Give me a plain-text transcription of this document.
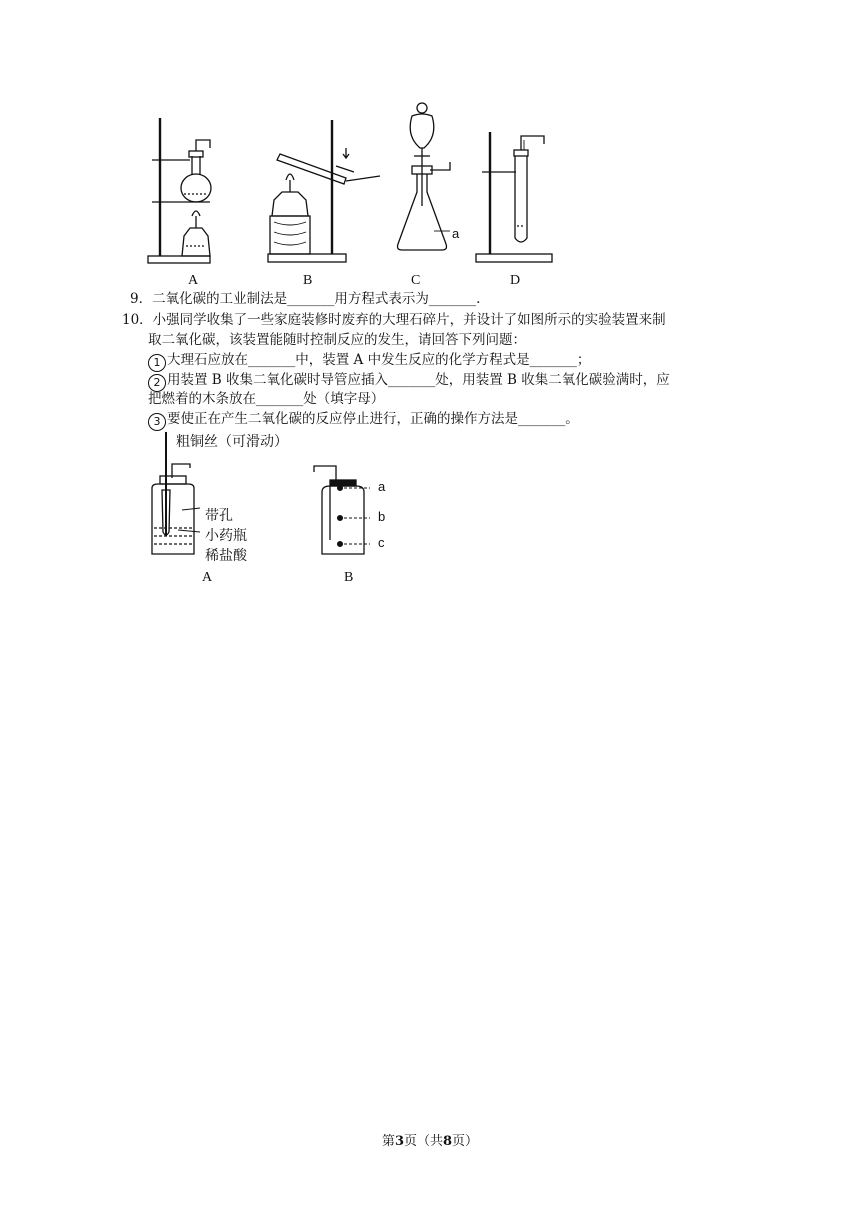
a
A	B	C	D
9．二氧化碳的工业制法是_______用方程式表示为_______.
10．小强同学收集了一些家庭装修时废弃的大理石碎片，并设计了如图所示的实验装置来制
取二氧化碳，该装置能随时控制反应的发生，请回答下列问题：
1 大理石应放在_______中，装置 A 中发生反应的化学方程式是_______；
2 用装置 B 收集二氧化碳时导管应插入_______处，用装置 B 收集二氧化碳验满时，应
把燃着的木条放在_______处（填字母）
3 要使正在产生二氧化碳的反应停止进行，正确的操作方法是_______。
粗铜丝（可滑动）
带孔
小药瓶
稀盐酸
A
a
b
c
B
第3页（共8页）
